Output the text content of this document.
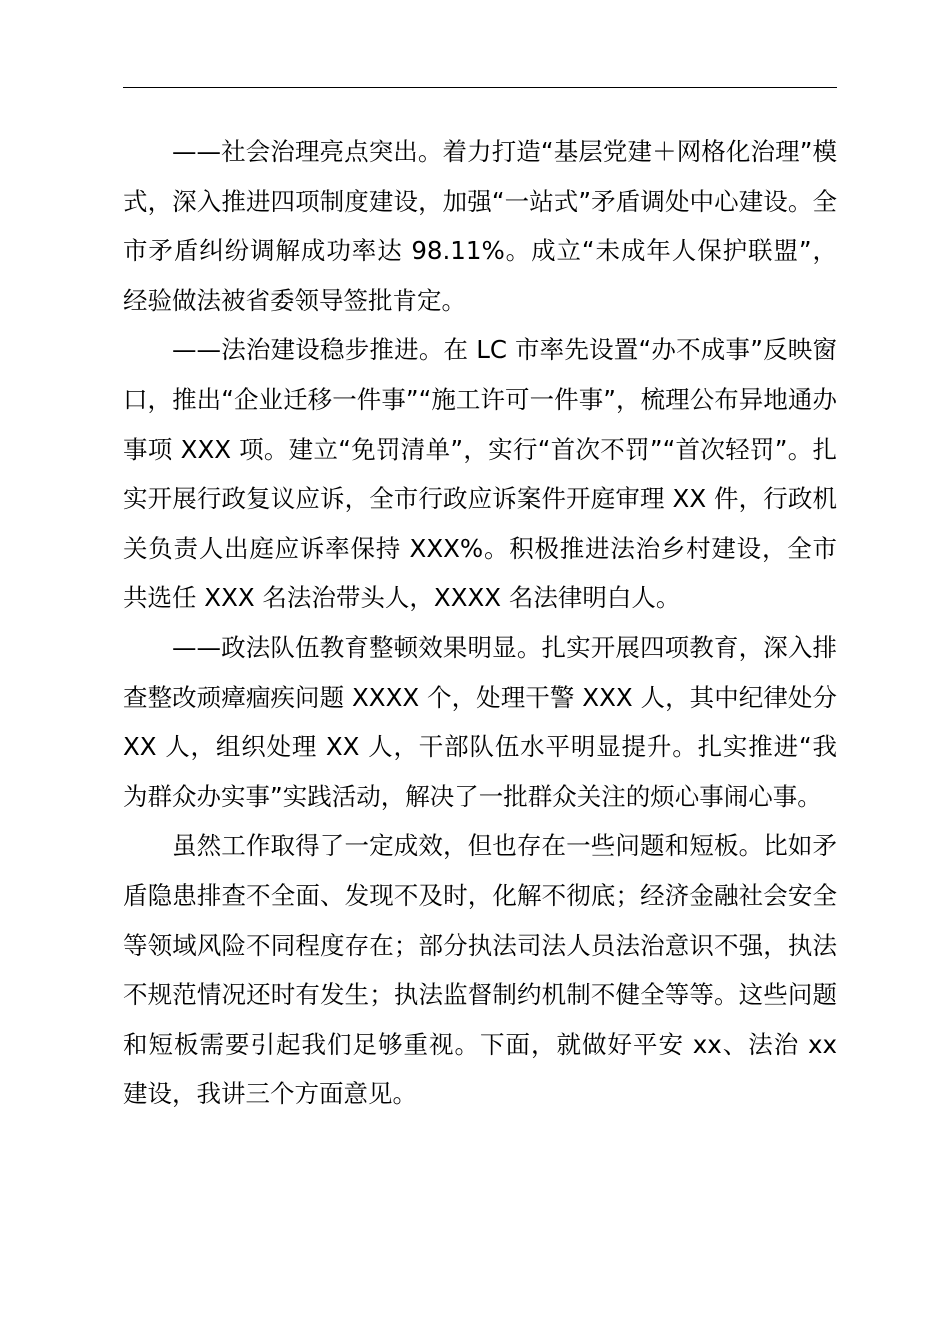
——社会治理亮点突出。着力打造“基层党建＋网格化治理”模式，深入推进四项制度建设，加强“一站式”矛盾调处中心建设。全市矛盾纠纷调解成功率达 98.11%。成立“未成年人保护联盟”，经验做法被省委领导签批肯定。

——法治建设稳步推进。在 LC 市率先设置“办不成事”反映窗口，推出“企业迁移一件事”“施工许可一件事”，梳理公布异地通办事项 XXX 项。建立“免罚清单”，实行“首次不罚”“首次轻罚”。扎实开展行政复议应诉，全市行政应诉案件开庭审理 XX 件，行政机关负责人出庭应诉率保持 XXX%。积极推进法治乡村建设，全市共选任 XXX 名法治带头人，XXXX 名法律明白人。

——政法队伍教育整顿效果明显。扎实开展四项教育，深入排查整改顽瘴痼疾问题 XXXX 个，处理干警 XXX 人，其中纪律处分 XX 人，组织处理 XX 人，干部队伍水平明显提升。扎实推进“我为群众办实事”实践活动，解决了一批群众关注的烦心事闹心事。

虽然工作取得了一定成效，但也存在一些问题和短板。比如矛盾隐患排查不全面、发现不及时，化解不彻底；经济金融社会安全等领域风险不同程度存在；部分执法司法人员法治意识不强，执法不规范情况还时有发生；执法监督制约机制不健全等等。这些问题和短板需要引起我们足够重视。下面，就做好平安 xx、法治 xx 建设，我讲三个方面意见。
